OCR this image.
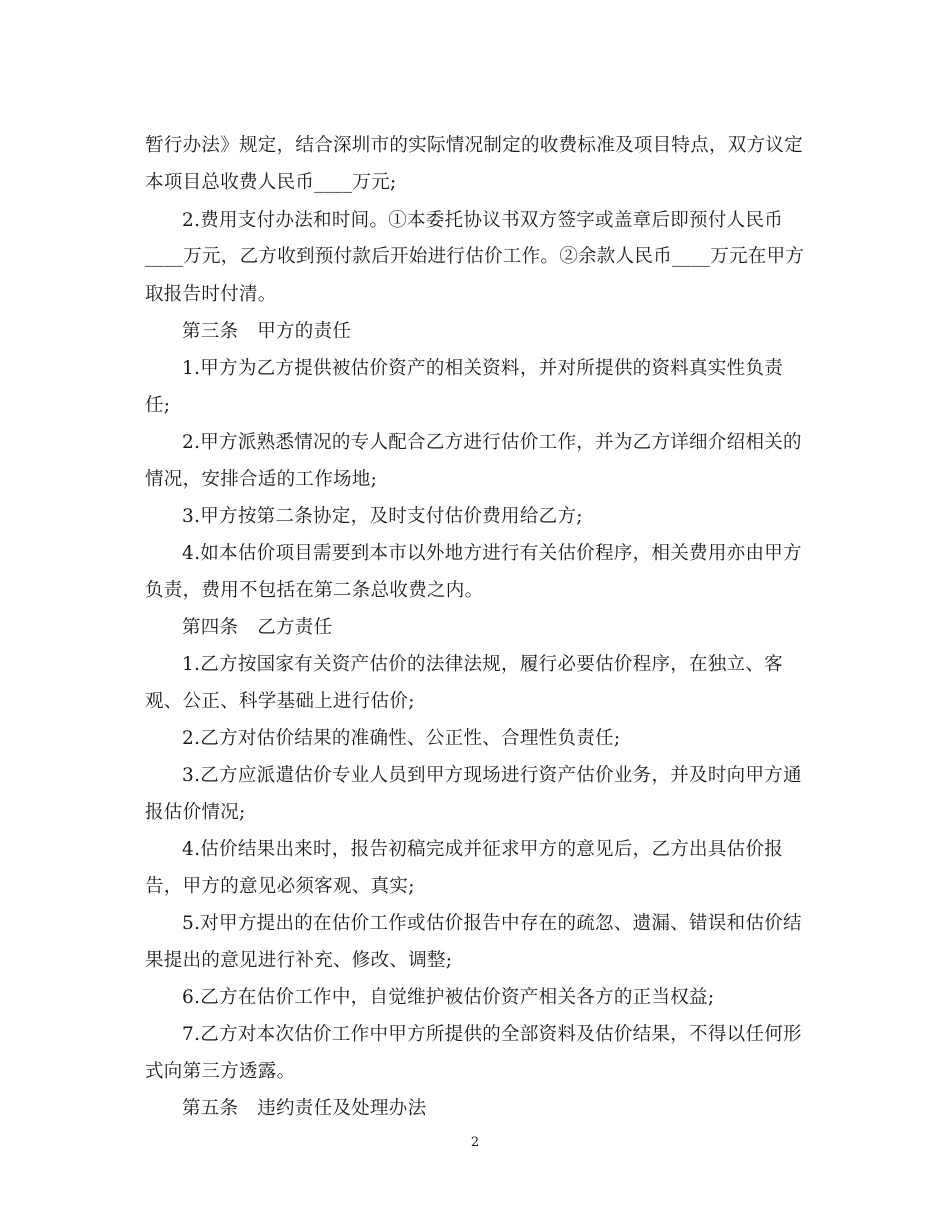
暂行办法》规定，结合深圳市的实际情况制定的收费标准及项目特点，双方议定
本项目总收费人民币____万元;
2.费用支付办法和时间。①本委托协议书双方签字或盖章后即预付人民币
____万元，乙方收到预付款后开始进行估价工作。②余款人民币____万元在甲方
取报告时付清。
第三条　甲方的责任
1.甲方为乙方提供被估价资产的相关资料，并对所提供的资料真实性负责
任;
2.甲方派熟悉情况的专人配合乙方进行估价工作，并为乙方详细介绍相关的
情况，安排合适的工作场地;
3.甲方按第二条协定，及时支付估价费用给乙方;
4.如本估价项目需要到本市以外地方进行有关估价程序，相关费用亦由甲方
负责，费用不包括在第二条总收费之内。
第四条　乙方责任
1.乙方按国家有关资产估价的法律法规，履行必要估价程序，在独立、客
观、公正、科学基础上进行估价;
2.乙方对估价结果的准确性、公正性、合理性负责任;
3.乙方应派遣估价专业人员到甲方现场进行资产估价业务，并及时向甲方通
报估价情况;
4.估价结果出来时，报告初稿完成并征求甲方的意见后，乙方出具估价报
告，甲方的意见必须客观、真实;
5.对甲方提出的在估价工作或估价报告中存在的疏忽、遗漏、错误和估价结
果提出的意见进行补充、修改、调整;
6.乙方在估价工作中，自觉维护被估价资产相关各方的正当权益;
7.乙方对本次估价工作中甲方所提供的全部资料及估价结果，不得以任何形
式向第三方透露。
第五条　违约责任及处理办法
2
